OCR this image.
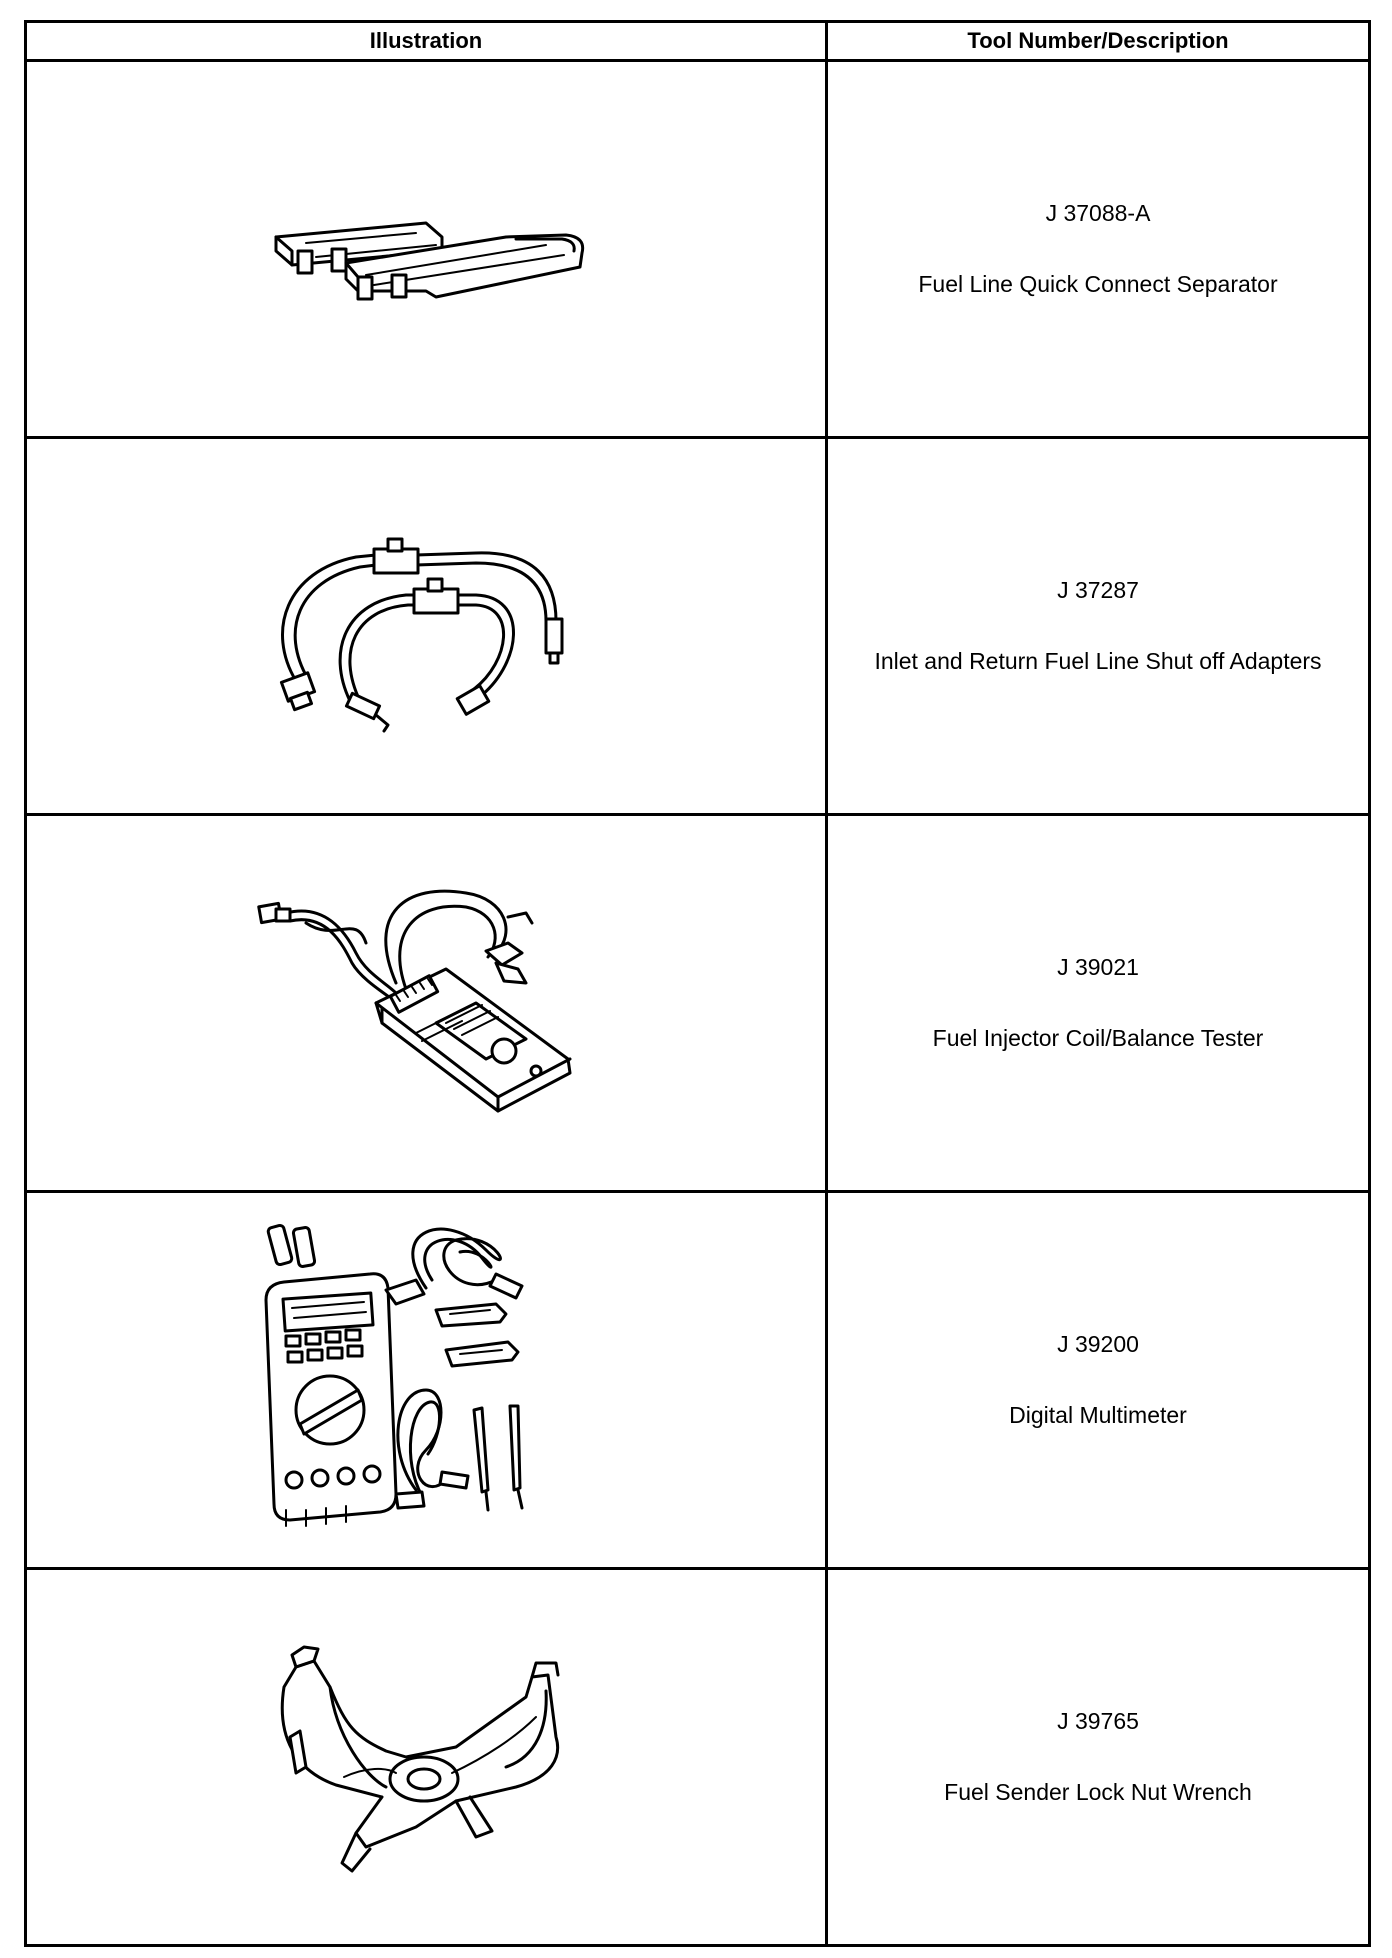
Illustration	Tool Number/Description

J 37088-A
Fuel Line Quick Connect Separator

J 37287
Inlet and Return Fuel Line Shut off Adapters

J 39021
Fuel Injector Coil/Balance Tester

J 39200
Digital Multimeter

J 39765
Fuel Sender Lock Nut Wrench
